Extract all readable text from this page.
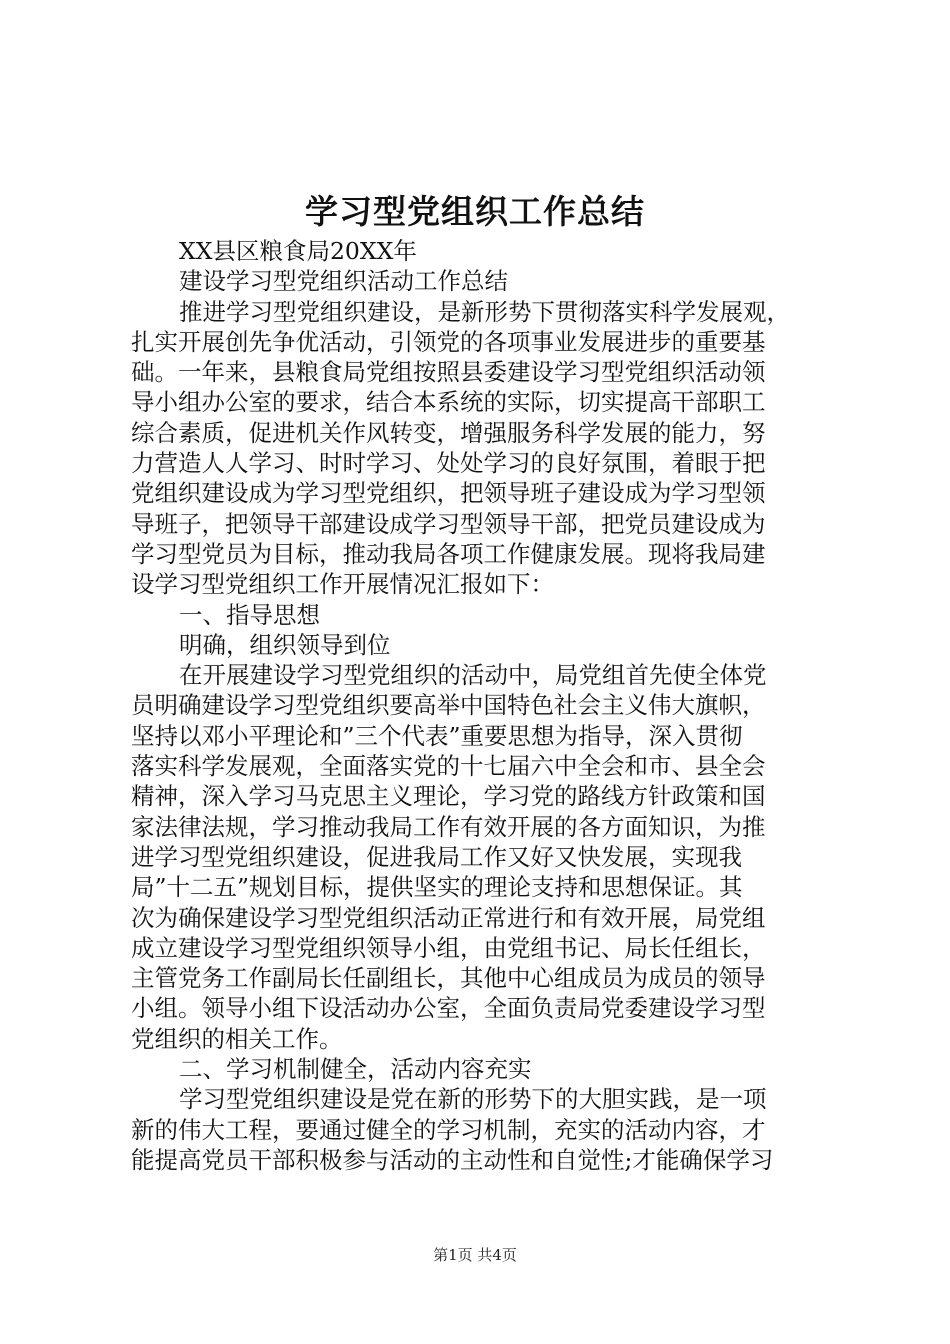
学习型党组织工作总结
XX县区粮食局20XX年
建设学习型党组织活动工作总结
推进学习型党组织建设，是新形势下贯彻落实科学发展观，
扎实开展创先争优活动，引领党的各项事业发展进步的重要基
础。一年来，县粮食局党组按照县委建设学习型党组织活动领
导小组办公室的要求，结合本系统的实际，切实提高干部职工
综合素质，促进机关作风转变，增强服务科学发展的能力，努
力营造人人学习、时时学习、处处学习的良好氛围，着眼于把
党组织建设成为学习型党组织，把领导班子建设成为学习型领
导班子，把领导干部建设成学习型领导干部，把党员建设成为
学习型党员为目标，推动我局各项工作健康发展。现将我局建
设学习型党组织工作开展情况汇报如下：
一、指导思想
明确，组织领导到位
在开展建设学习型党组织的活动中，局党组首先使全体党
员明确建设学习型党组织要高举中国特色社会主义伟大旗帜，
坚持以邓小平理论和”三个代表”重要思想为指导，深入贯彻
落实科学发展观，全面落实党的十七届六中全会和市、县全会
精神，深入学习马克思主义理论，学习党的路线方针政策和国
家法律法规，学习推动我局工作有效开展的各方面知识，为推
进学习型党组织建设，促进我局工作又好又快发展，实现我
局”十二五”规划目标，提供坚实的理论支持和思想保证。其
次为确保建设学习型党组织活动正常进行和有效开展，局党组
成立建设学习型党组织领导小组，由党组书记、局长任组长，
主管党务工作副局长任副组长，其他中心组成员为成员的领导
小组。领导小组下设活动办公室，全面负责局党委建设学习型
党组织的相关工作。
二、学习机制健全，活动内容充实
学习型党组织建设是党在新的形势下的大胆实践，是一项
新的伟大工程，要通过健全的学习机制，充实的活动内容，才
能提高党员干部积极参与活动的主动性和自觉性;才能确保学习
第1页 共4页
